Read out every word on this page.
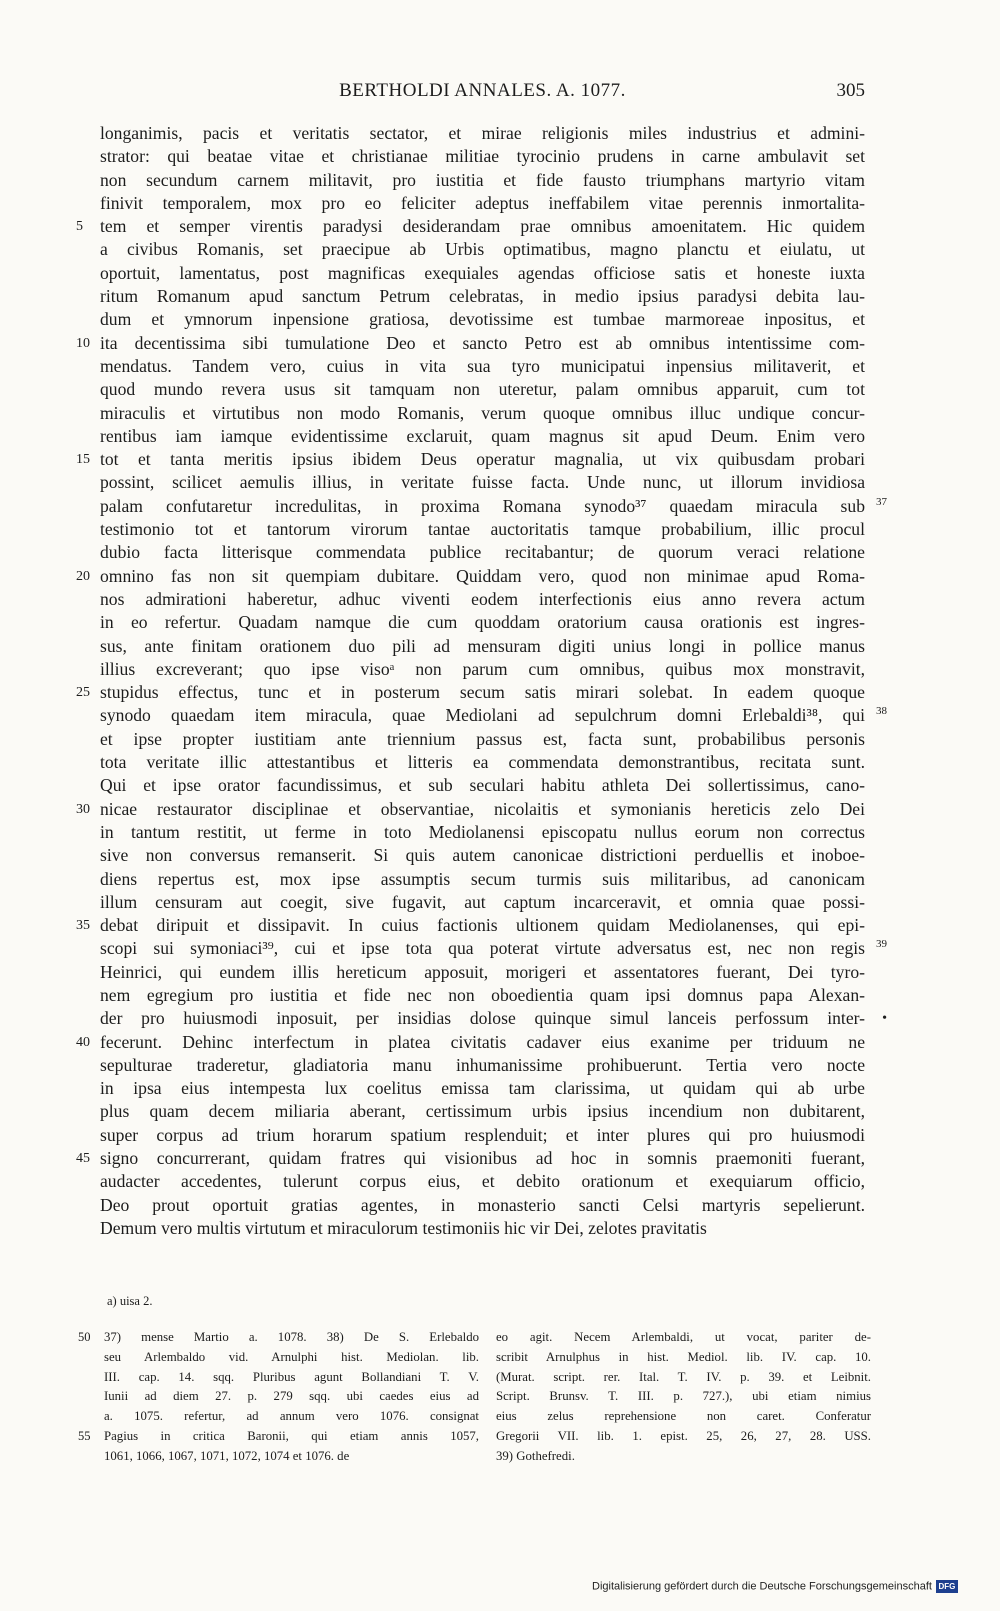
BERTHOLDI ANNALES. A. 1077.	305
longanimis, pacis et veritatis sectator, et mirae religionis miles industrius et admini-
strator: qui beatae vitae et christianae militiae tyrocinio prudens in carne ambulavit set
non secundum carnem militavit, pro iustitia et fide fausto triumphans martyrio vitam
finivit temporalem, mox pro eo feliciter adeptus ineffabilem vitae perennis inmortalita-
5 tem et semper virentis paradysi desiderandam prae omnibus amoenitatem. Hic quidem
a civibus Romanis, set praecipue ab Urbis optimatibus, magno planctu et eiulatu, ut
oportuit, lamentatus, post magnificas exequiales agendas officiose satis et honeste iuxta
ritum Romanum apud sanctum Petrum celebratas, in medio ipsius paradysi debita lau-
dum et ymnorum inpensione gratiosa, devotissime est tumbae marmoreae inpositus, et
10 ita decentissima sibi tumulatione Deo et sancto Petro est ab omnibus intentissime com-
mendatus. Tandem vero, cuius in vita sua tyro municipatui inpensius militaverit, et
quod mundo revera usus sit tamquam non uteretur, palam omnibus apparuit, cum tot
miraculis et virtutibus non modo Romanis, verum quoque omnibus illuc undique concur-
rentibus iam iamque evidentissime exclaruit, quam magnus sit apud Deum. Enim vero
15 tot et tanta meritis ipsius ibidem Deus operatur magnalia, ut vix quibusdam probari
possint, scilicet aemulis illius, in veritate fuisse facta. Unde nunc, ut illorum invidiosa
palam confutaretur incredulitas, in proxima Romana synodo³⁷ quaedam miracula sub 37
testimonio tot et tantorum virorum tantae auctoritatis tamque probabilium, illic procul
dubio facta litterisque commendata publice recitabantur; de quorum veraci relatione
20 omnino fas non sit quempiam dubitare. Quiddam vero, quod non minimae apud Roma-
nos admirationi haberetur, adhuc viventi eodem interfectionis eius anno revera actum
in eo refertur. Quadam namque die cum quoddam oratorium causa orationis est ingres-
sus, ante finitam orationem duo pili ad mensuram digiti unius longi in pollice manus
illius excreverant; quo ipse visoᵃ non parum cum omnibus, quibus mox monstravit,
25 stupidus effectus, tunc et in posterum secum satis mirari solebat. In eadem quoque
synodo quaedam item miracula, quae Mediolani ad sepulchrum domni Erlebaldi³⁸, qui 38
et ipse propter iustitiam ante triennium passus est, facta sunt, probabilibus personis
tota veritate illic attestantibus et litteris ea commendata demonstrantibus, recitata sunt.
Qui et ipse orator facundissimus, et sub seculari habitu athleta Dei sollertissimus, cano-
30 nicae restaurator disciplinae et observantiae, nicolaitis et symonianis hereticis zelo Dei
in tantum restitit, ut ferme in toto Mediolanensi episcopatu nullus eorum non correctus
sive non conversus remanserit. Si quis autem canonicae districtioni perduellis et inoboe-
diens repertus est, mox ipse assumptis secum turmis suis militaribus, ad canonicam
illum censuram aut coegit, sive fugavit, aut captum incarceravit, et omnia quae possi-
35 debat diripuit et dissipavit. In cuius factionis ultionem quidam Mediolanenses, qui epi-
scopi sui symoniaci³⁹, cui et ipse tota qua poterat virtute adversatus est, nec non regis 39
Heinrici, qui eundem illis hereticum apposuit, morigeri et assentatores fuerant, Dei tyro-
nem egregium pro iustitia et fide nec non oboedientia quam ipsi domnus papa Alexan-
der pro huiusmodi inposuit, per insidias dolose quinque simul lanceis perfossum inter- •
40 fecerunt. Dehinc interfectum in platea civitatis cadaver eius exanime per triduum ne
sepulturae traderetur, gladiatoria manu inhumanissime prohibuerunt. Tertia vero nocte
in ipsa eius intempesta lux coelitus emissa tam clarissima, ut quidam qui ab urbe
plus quam decem miliaria aberant, certissimum urbis ipsius incendium non dubitarent,
super corpus ad trium horarum spatium resplenduit; et inter plures qui pro huiusmodi
45 signo concurrerant, quidam fratres qui visionibus ad hoc in somnis praemoniti fuerant,
audacter accedentes, tulerunt corpus eius, et debito orationum et exequiarum officio,
Deo prout oportuit gratias agentes, in monasterio sancti Celsi martyris sepelierunt.
Demum vero multis virtutum et miraculorum testimoniis hic vir Dei, zelotes pravitatis
a) uisa 2.
50 37) mense Martio a. 1078. 38) De S. Erlebaldo
seu Arlembaldo vid. Arnulphi hist. Mediolan. lib.
III. cap. 14. sqq. Pluribus agunt Bollandiani T. V.
Iunii ad diem 27. p. 279 sqq. ubi caedes eius ad
a. 1075. refertur, ad annum vero 1076. consignat
55 Pagius in critica Baronii, qui etiam annis 1057,
1061, 1066, 1067, 1071, 1072, 1074 et 1076. de
eo agit. Necem Arlembaldi, ut vocat, pariter de-
scribit Arnulphus in hist. Mediol. lib. IV. cap. 10.
(Murat. script. rer. Ital. T. IV. p. 39. et Leibnit.
Script. Brunsv. T. III. p. 727.), ubi etiam nimius
eius zelus reprehensione non caret. Conferatur
Gregorii VII. lib. 1. epist. 25, 26, 27, 28. USS.
39) Gothefredi.
Digitalisierung gefördert durch die Deutsche Forschungsgemeinschaft DFG
